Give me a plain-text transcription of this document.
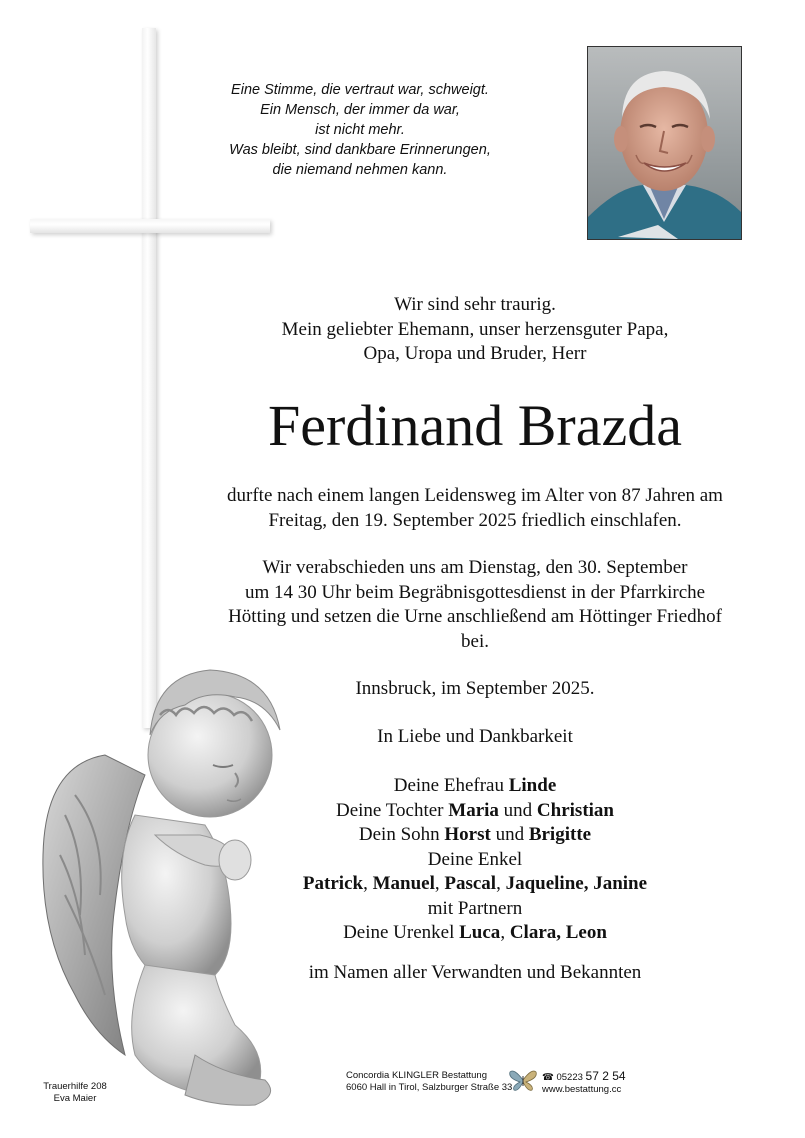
Eine Stimme, die vertraut war, schweigt.
Ein Mensch, der immer da war,
ist nicht mehr.
Was bleibt, sind dankbare Erinnerungen,
die niemand nehmen kann.
Wir sind sehr traurig.
Mein geliebter Ehemann, unser herzensguter Papa,
Opa, Uropa und Bruder, Herr
Ferdinand Brazda
durfte nach einem langen Leidensweg im Alter von 87 Jahren am
Freitag, den 19. September 2025 friedlich einschlafen.
Wir verabschieden uns am Dienstag, den 30. September
um 14 30 Uhr beim Begräbnisgottesdienst in der Pfarrkirche
Hötting und setzen die Urne anschließend am Höttinger Friedhof
bei.
Innsbruck, im September 2025.
In Liebe und Dankbarkeit
Deine Ehefrau Linde
Deine Tochter Maria und Christian
Dein Sohn Horst und Brigitte
Deine Enkel
Patrick, Manuel, Pascal, Jaqueline, Janine
mit Partnern
Deine Urenkel Luca, Clara, Leon
im Namen aller Verwandten und Bekannten
Trauerhilfe 208
Eva Maier
Concordia KLINGLER Bestattung
6060 Hall in Tirol, Salzburger Straße 33
☎ 05223 57 2 54
www.bestattung.cc
